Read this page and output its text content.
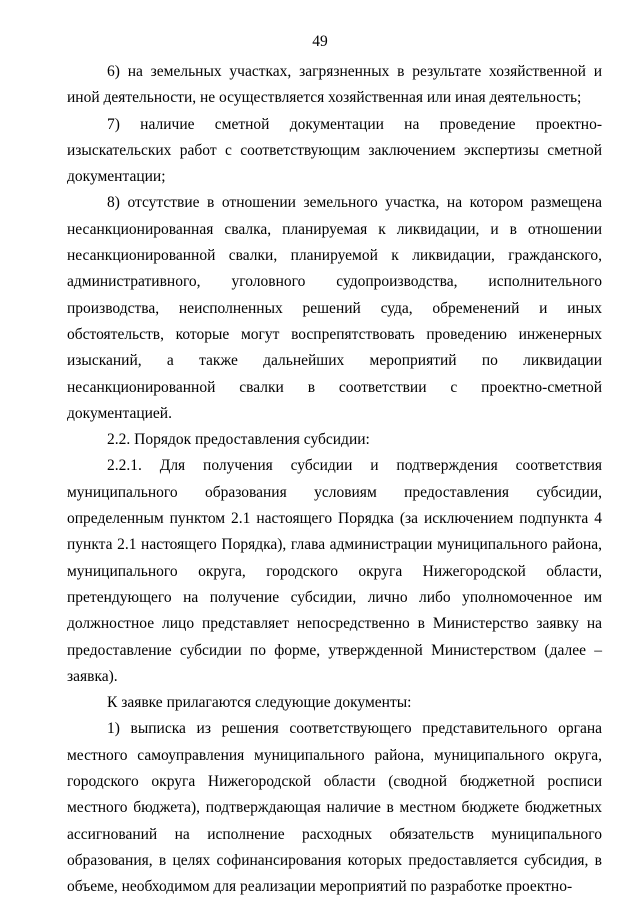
49

6) на земельных участках, загрязненных в результате хозяйственной и иной деятельности, не осуществляется хозяйственная или иная деятельность;

7) наличие сметной документации на проведение проектно-изыскательских работ с соответствующим заключением экспертизы сметной документации;

8) отсутствие в отношении земельного участка, на котором размещена несанкционированная свалка, планируемая к ликвидации, и в отношении несанкционированной свалки, планируемой к ликвидации, гражданского, административного, уголовного судопроизводства, исполнительного производства, неисполненных решений суда, обременений и иных обстоятельств, которые могут воспрепятствовать проведению инженерных изысканий, а также дальнейших мероприятий по ликвидации несанкционированной свалки в соответствии с проектно-сметной документацией.

2.2. Порядок предоставления субсидии:

2.2.1. Для получения субсидии и подтверждения соответствия муниципального образования условиям предоставления субсидии, определенным пунктом 2.1 настоящего Порядка (за исключением подпункта 4 пункта 2.1 настоящего Порядка), глава администрации муниципального района, муниципального округа, городского округа Нижегородской области, претендующего на получение субсидии, лично либо уполномоченное им должностное лицо представляет непосредственно в Министерство заявку на предоставление субсидии по форме, утвержденной Министерством (далее – заявка).

К заявке прилагаются следующие документы:

1) выписка из решения соответствующего представительного органа местного самоуправления муниципального района, муниципального округа, городского округа Нижегородской области (сводной бюджетной росписи местного бюджета), подтверждающая наличие в местном бюджете бюджетных ассигнований на исполнение расходных обязательств муниципального образования, в целях софинансирования которых предоставляется субсидия, в объеме, необходимом для реализации мероприятий по разработке проектно-
